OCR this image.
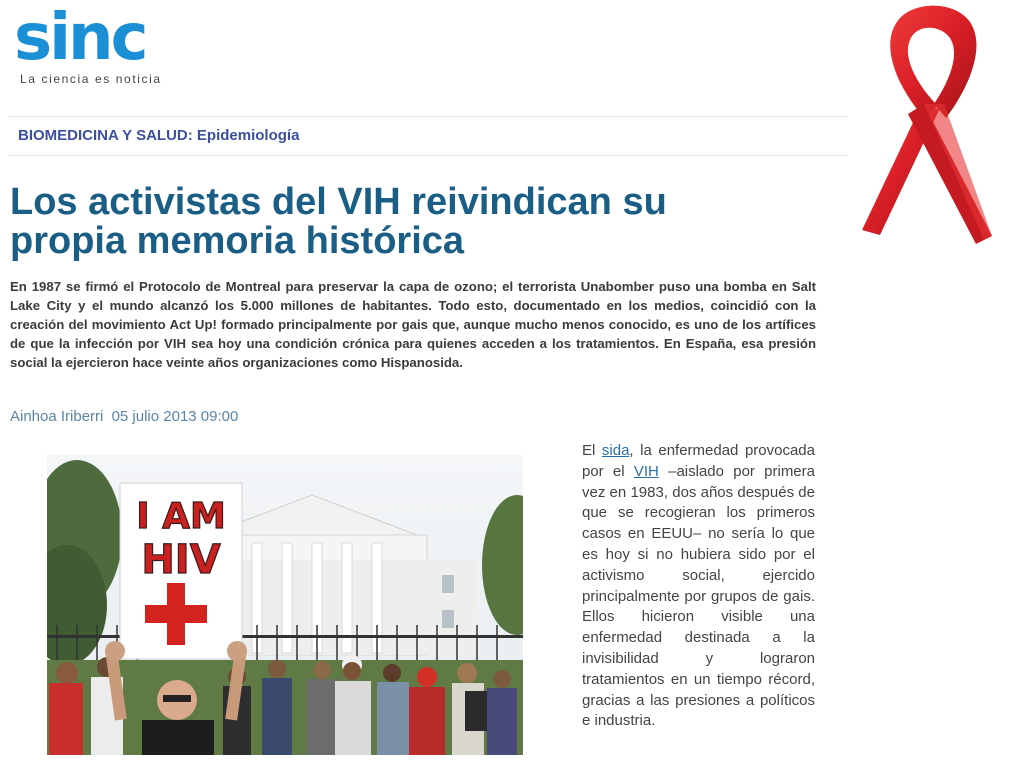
sinc
La ciencia es noticia
BIOMEDICINA Y SALUD: Epidemiología
Los activistas del VIH reivindican su propia memoria histórica

En 1987 se firmó el Protocolo de Montreal para preservar la capa de ozono; el terrorista Unabomber puso una bomba en Salt Lake City y el mundo alcanzó los 5.000 millones de habitantes. Todo esto, documentado en los medios, coincidió con la creación del movimiento Act Up! formado principalmente por gais que, aunque mucho menos conocido, es uno de los artífices de que la infección por VIH sea hoy una condición crónica para quienes acceden a los tratamientos. En España, esa presión social la ejercieron hace veinte años organizaciones como Hispanosida.

Ainhoa Iriberri 05 julio 2013 09:00
I AM
HIV

El sida, la enfermedad provocada por el VIH –aislado por primera vez en 1983, dos años después de que se recogieran los primeros casos en EEUU– no sería lo que es hoy si no hubiera sido por el activismo social, ejercido principalmente por grupos de gais. Ellos hicieron visible una enfermedad destinada a la invisibilidad y lograron tratamientos en un tiempo récord, gracias a las presiones a políticos e industria.
